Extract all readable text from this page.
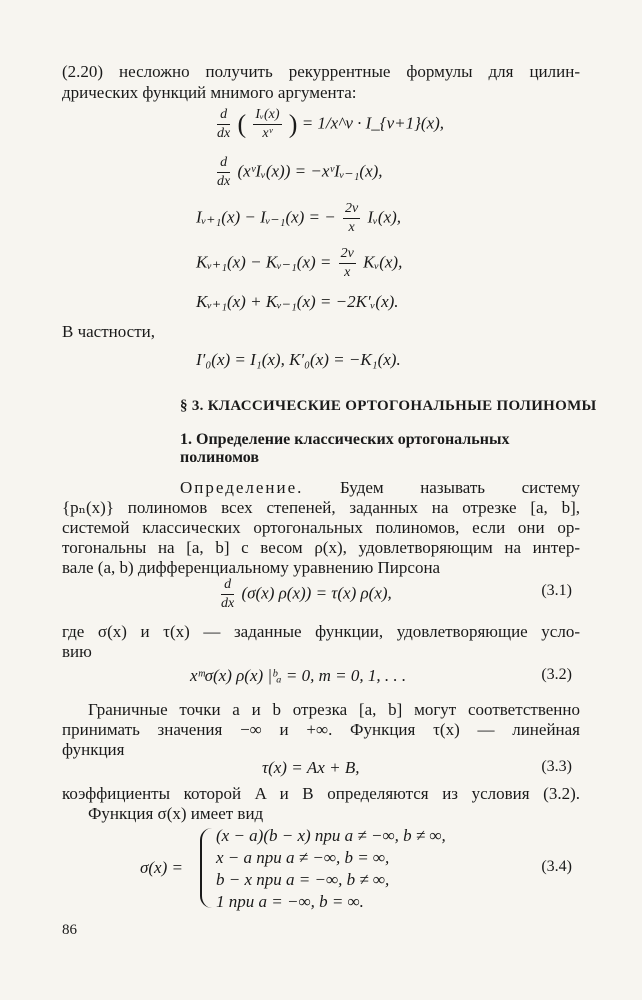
(2.20) несложно получить рекуррентные формулы для цилин-
дрических функций мнимого аргумента:
$\frac{d}{dx}$ ( $\frac{\text{Iᵥ(x)}}{\text{xᵛ}}$ ) = 1/x^ν · I_{ν+1}(x),
$\frac{d}{dx}$ (xᵛIᵥ(x)) = −xᵛIᵥ₋₁(x),
Iᵥ₊₁(x) − Iᵥ₋₁(x) = − $\frac{2\nu}{x}$ Iᵥ(x),
Kᵥ₊₁(x) − Kᵥ₋₁(x) = $\frac{2\nu}{x}$ Kᵥ(x),
Kᵥ₊₁(x) + Kᵥ₋₁(x) = −2K′ᵥ(x).
В частности,
I′₀(x) = I₁(x), K′₀(x) = −K₁(x).
§ 3. КЛАССИЧЕСКИЕ ОРТОГОНАЛЬНЫЕ ПОЛИНОМЫ
1. Определение классических ортогональных
полиномов
Определение. Будем называть систему
{pₙ(x)} полиномов всех степеней, заданных на отрезке [a, b],
системой классических ортогональных полиномов, если они ор-
тогональны на [a, b] с весом ρ(x), удовлетворяющим на интер-
вале (a, b) дифференциальному уравнению Пирсона
$\frac{d}{dx} (\sigma(x) \rho(x)) = \tau(x)$ ρ(x),	(3.1)
где σ(x) и τ(x) — заданные функции, удовлетворяющие усло-
вию
xᵐσ(x) ρ(x) |ᵇₐ = 0, m = 0, 1, . . .	(3.2)
Граничные точки a и b отрезка [a, b] могут соответственно
принимать значения −∞ и +∞. Функция τ(x) — линейная
функция
τ(x) = Ax + B,	(3.3)
коэффициенты которой A и B определяются из условия (3.2).
Функция σ(x) имеет вид
σ(x) =
(x − a)(b − x) при a ≠ −∞, b ≠ ∞,
x − a при a ≠ −∞, b = ∞,
b − x при a = −∞, b ≠ ∞,
1 при a = −∞, b = ∞.
(3.4)
86
